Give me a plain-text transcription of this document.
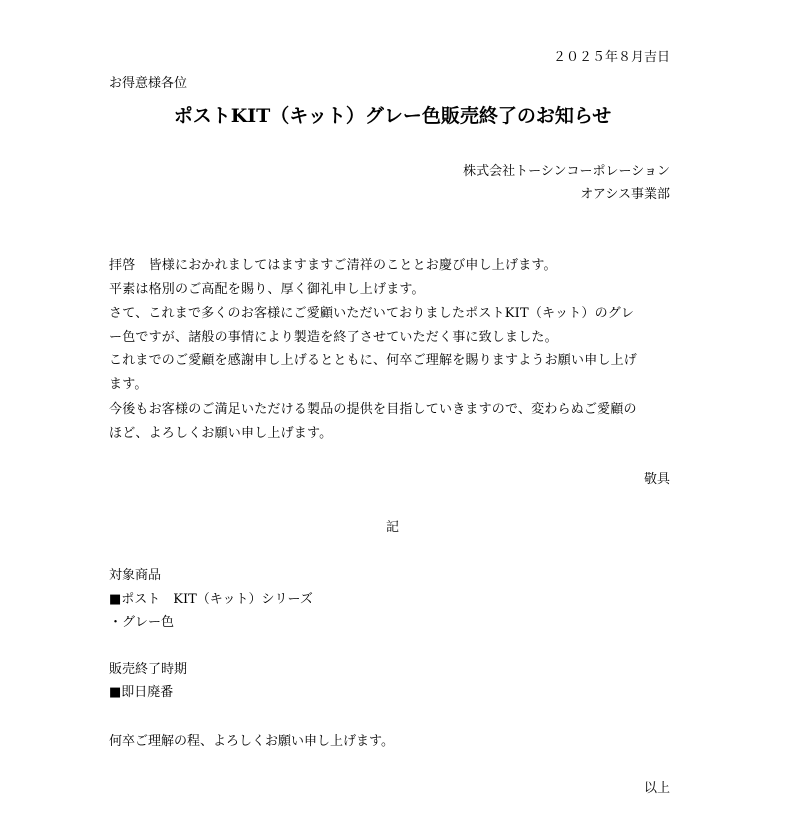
２０２５年８月吉日
お得意様各位
ポストKIT（キット）グレー色販売終了のお知らせ
株式会社トーシンコーポレーション
オアシス事業部
拝啓　皆様におかれましてはますますご清祥のこととお慶び申し上げます。
平素は格別のご高配を賜り、厚く御礼申し上げます。
さて、これまで多くのお客様にご愛顧いただいておりましたポストKIT（キット）のグレ
ー色ですが、諸般の事情により製造を終了させていただく事に致しました。
これまでのご愛顧を感謝申し上げるとともに、何卒ご理解を賜りますようお願い申し上げ
ます。
今後もお客様のご満足いただける製品の提供を目指していきますので、変わらぬご愛顧の
ほど、よろしくお願い申し上げます。
敬具
記
対象商品
■ポスト　KIT（キット）シリーズ
・グレー色
販売終了時期
■即日廃番
何卒ご理解の程、よろしくお願い申し上げます。
以上
